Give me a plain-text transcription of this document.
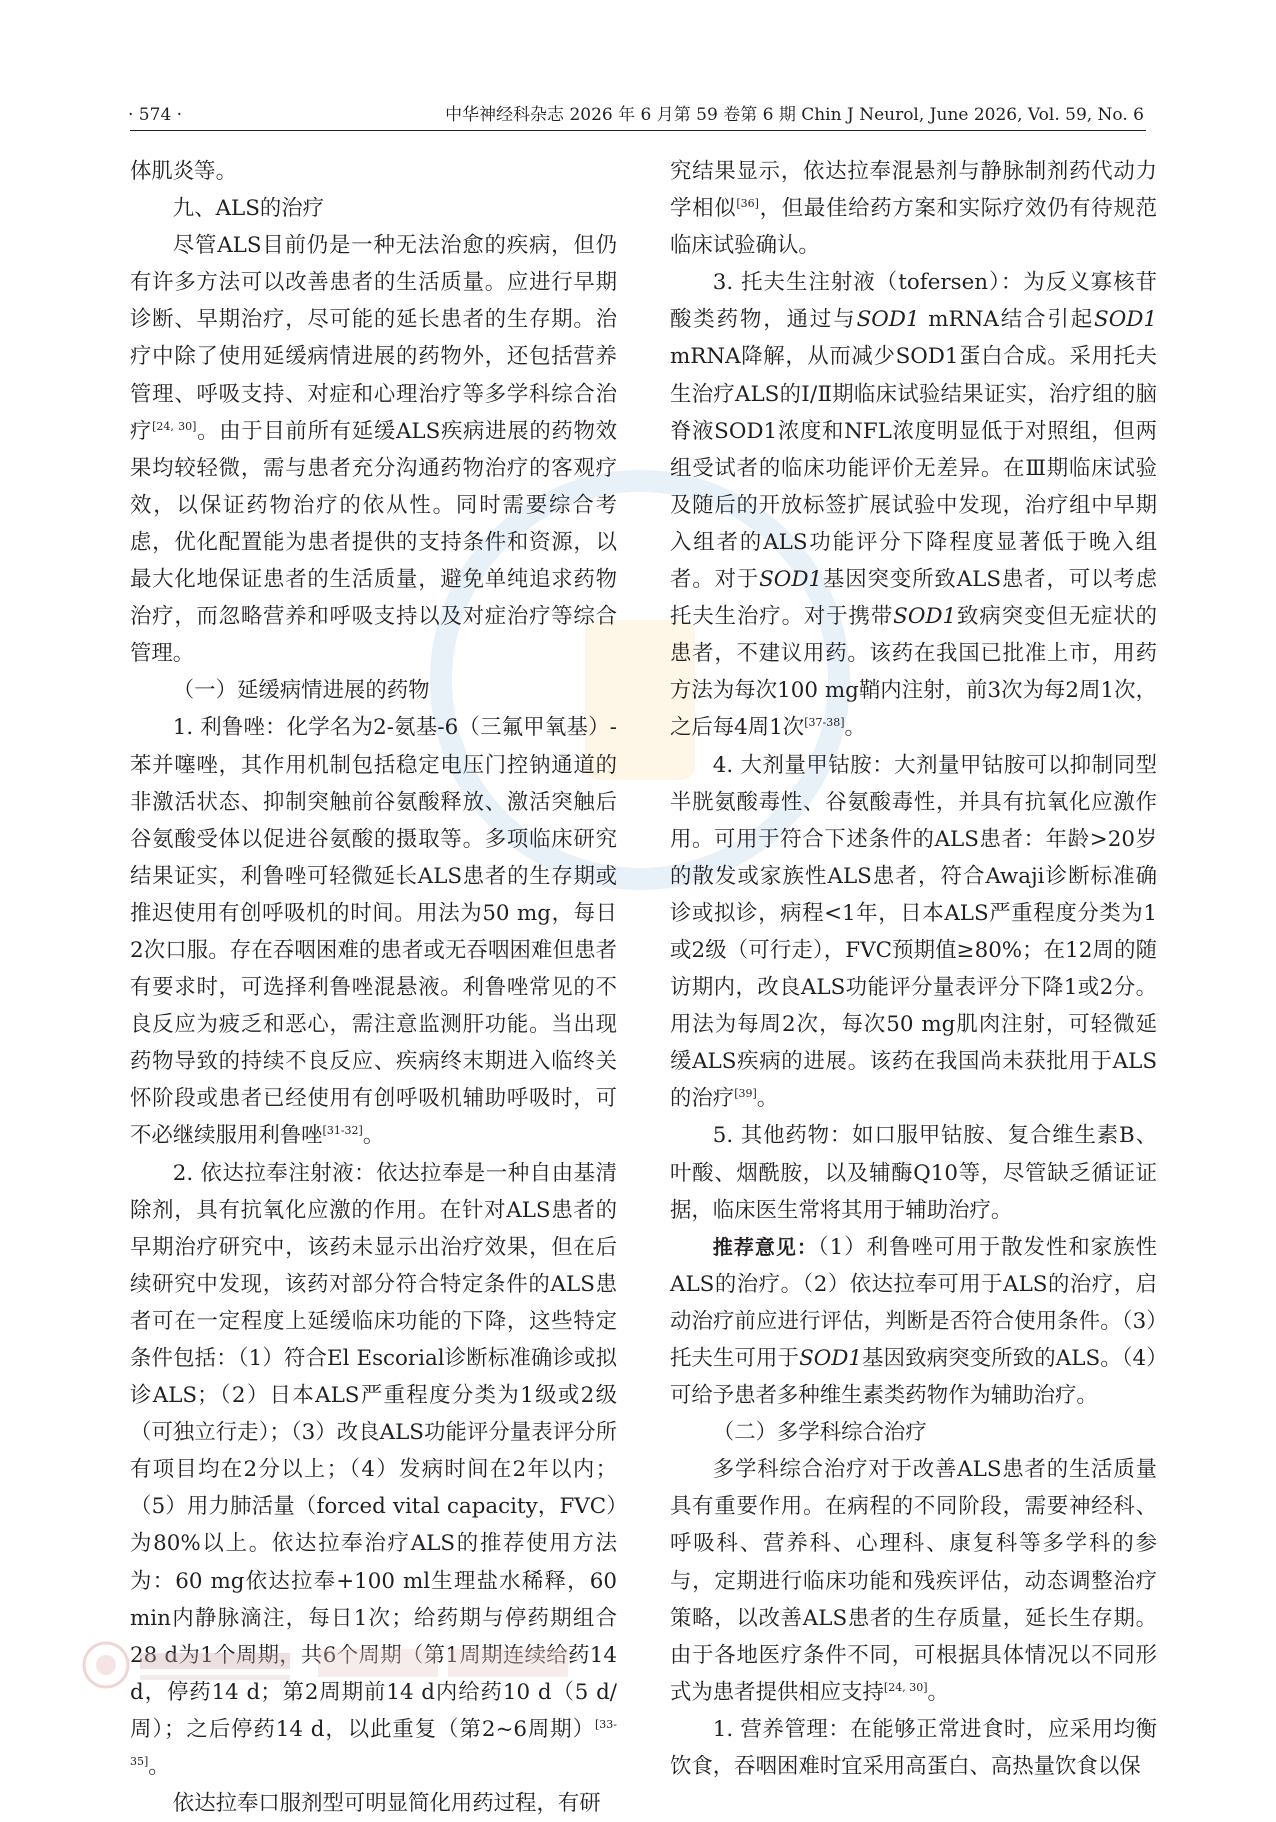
· 574 ·	中华神经科杂志 2026 年 6 月第 59 卷第 6 期 Chin J Neurol, June 2026, Vol. 59, No. 6

体肌炎等。

九、ALS的治疗

尽管ALS目前仍是一种无法治愈的疾病，但仍有许多方法可以改善患者的生活质量。应进行早期诊断、早期治疗，尽可能的延长患者的生存期。治疗中除了使用延缓病情进展的药物外，还包括营养管理、呼吸支持、对症和心理治疗等多学科综合治疗[24, 30]。由于目前所有延缓ALS疾病进展的药物效果均较轻微，需与患者充分沟通药物治疗的客观疗效，以保证药物治疗的依从性。同时需要综合考虑，优化配置能为患者提供的支持条件和资源，以最大化地保证患者的生活质量，避免单纯追求药物治疗，而忽略营养和呼吸支持以及对症治疗等综合管理。

（一）延缓病情进展的药物

1. 利鲁唑：化学名为2-氨基-6（三氟甲氧基）-苯并噻唑，其作用机制包括稳定电压门控钠通道的非激活状态、抑制突触前谷氨酸释放、激活突触后谷氨酸受体以促进谷氨酸的摄取等。多项临床研究结果证实，利鲁唑可轻微延长ALS患者的生存期或推迟使用有创呼吸机的时间。用法为50 mg，每日2次口服。存在吞咽困难的患者或无吞咽困难但患者有要求时，可选择利鲁唑混悬液。利鲁唑常见的不良反应为疲乏和恶心，需注意监测肝功能。当出现药物导致的持续不良反应、疾病终末期进入临终关怀阶段或患者已经使用有创呼吸机辅助呼吸时，可不必继续服用利鲁唑[31-32]。

2. 依达拉奉注射液：依达拉奉是一种自由基清除剂，具有抗氧化应激的作用。在针对ALS患者的早期治疗研究中，该药未显示出治疗效果，但在后续研究中发现，该药对部分符合特定条件的ALS患者可在一定程度上延缓临床功能的下降，这些特定条件包括：（1）符合El Escorial诊断标准确诊或拟诊ALS；（2）日本ALS严重程度分类为1级或2级（可独立行走）；（3）改良ALS功能评分量表评分所有项目均在2分以上；（4）发病时间在2年以内；（5）用力肺活量（forced vital capacity，FVC）为80%以上。依达拉奉治疗ALS的推荐使用方法为：60 mg依达拉奉+100 ml生理盐水稀释，60 min内静脉滴注，每日1次；给药期与停药期组合28 d为1个周期，共6个周期（第1周期连续给药14 d，停药14 d；第2周期前14 d内给药10 d（5 d/周）；之后停药14 d，以此重复（第2~6周期）[33-35]。

依达拉奉口服剂型可明显简化用药过程，有研

究结果显示，依达拉奉混悬剂与静脉制剂药代动力学相似[36]，但最佳给药方案和实际疗效仍有待规范临床试验确认。

3. 托夫生注射液（tofersen）：为反义寡核苷酸类药物，通过与SOD1 mRNA结合引起SOD1 mRNA降解，从而减少SOD1蛋白合成。采用托夫生治疗ALS的Ⅰ/Ⅱ期临床试验结果证实，治疗组的脑脊液SOD1浓度和NFL浓度明显低于对照组，但两组受试者的临床功能评价无差异。在Ⅲ期临床试验及随后的开放标签扩展试验中发现，治疗组中早期入组者的ALS功能评分下降程度显著低于晚入组者。对于SOD1基因突变所致ALS患者，可以考虑托夫生治疗。对于携带SOD1致病突变但无症状的患者，不建议用药。该药在我国已批准上市，用药方法为每次100 mg鞘内注射，前3次为每2周1次，之后每4周1次[37-38]。

4. 大剂量甲钴胺：大剂量甲钴胺可以抑制同型半胱氨酸毒性、谷氨酸毒性，并具有抗氧化应激作用。可用于符合下述条件的ALS患者：年龄>20岁的散发或家族性ALS患者，符合Awaji诊断标准确诊或拟诊，病程<1年，日本ALS严重程度分类为1或2级（可行走），FVC预期值≥80%；在12周的随访期内，改良ALS功能评分量表评分下降1或2分。用法为每周2次，每次50 mg肌肉注射，可轻微延缓ALS疾病的进展。该药在我国尚未获批用于ALS的治疗[39]。

5. 其他药物：如口服甲钴胺、复合维生素B、叶酸、烟酰胺，以及辅酶Q10等，尽管缺乏循证证据，临床医生常将其用于辅助治疗。

推荐意见：（1）利鲁唑可用于散发性和家族性ALS的治疗。（2）依达拉奉可用于ALS的治疗，启动治疗前应进行评估，判断是否符合使用条件。（3）托夫生可用于SOD1基因致病突变所致的ALS。（4）可给予患者多种维生素类药物作为辅助治疗。

（二）多学科综合治疗

多学科综合治疗对于改善ALS患者的生活质量具有重要作用。在病程的不同阶段，需要神经科、呼吸科、营养科、心理科、康复科等多学科的参与，定期进行临床功能和残疾评估，动态调整治疗策略，以改善ALS患者的生存质量，延长生存期。由于各地医疗条件不同，可根据具体情况以不同形式为患者提供相应支持[24, 30]。

1. 营养管理：在能够正常进食时，应采用均衡饮食，吞咽困难时宜采用高蛋白、高热量饮食以保
